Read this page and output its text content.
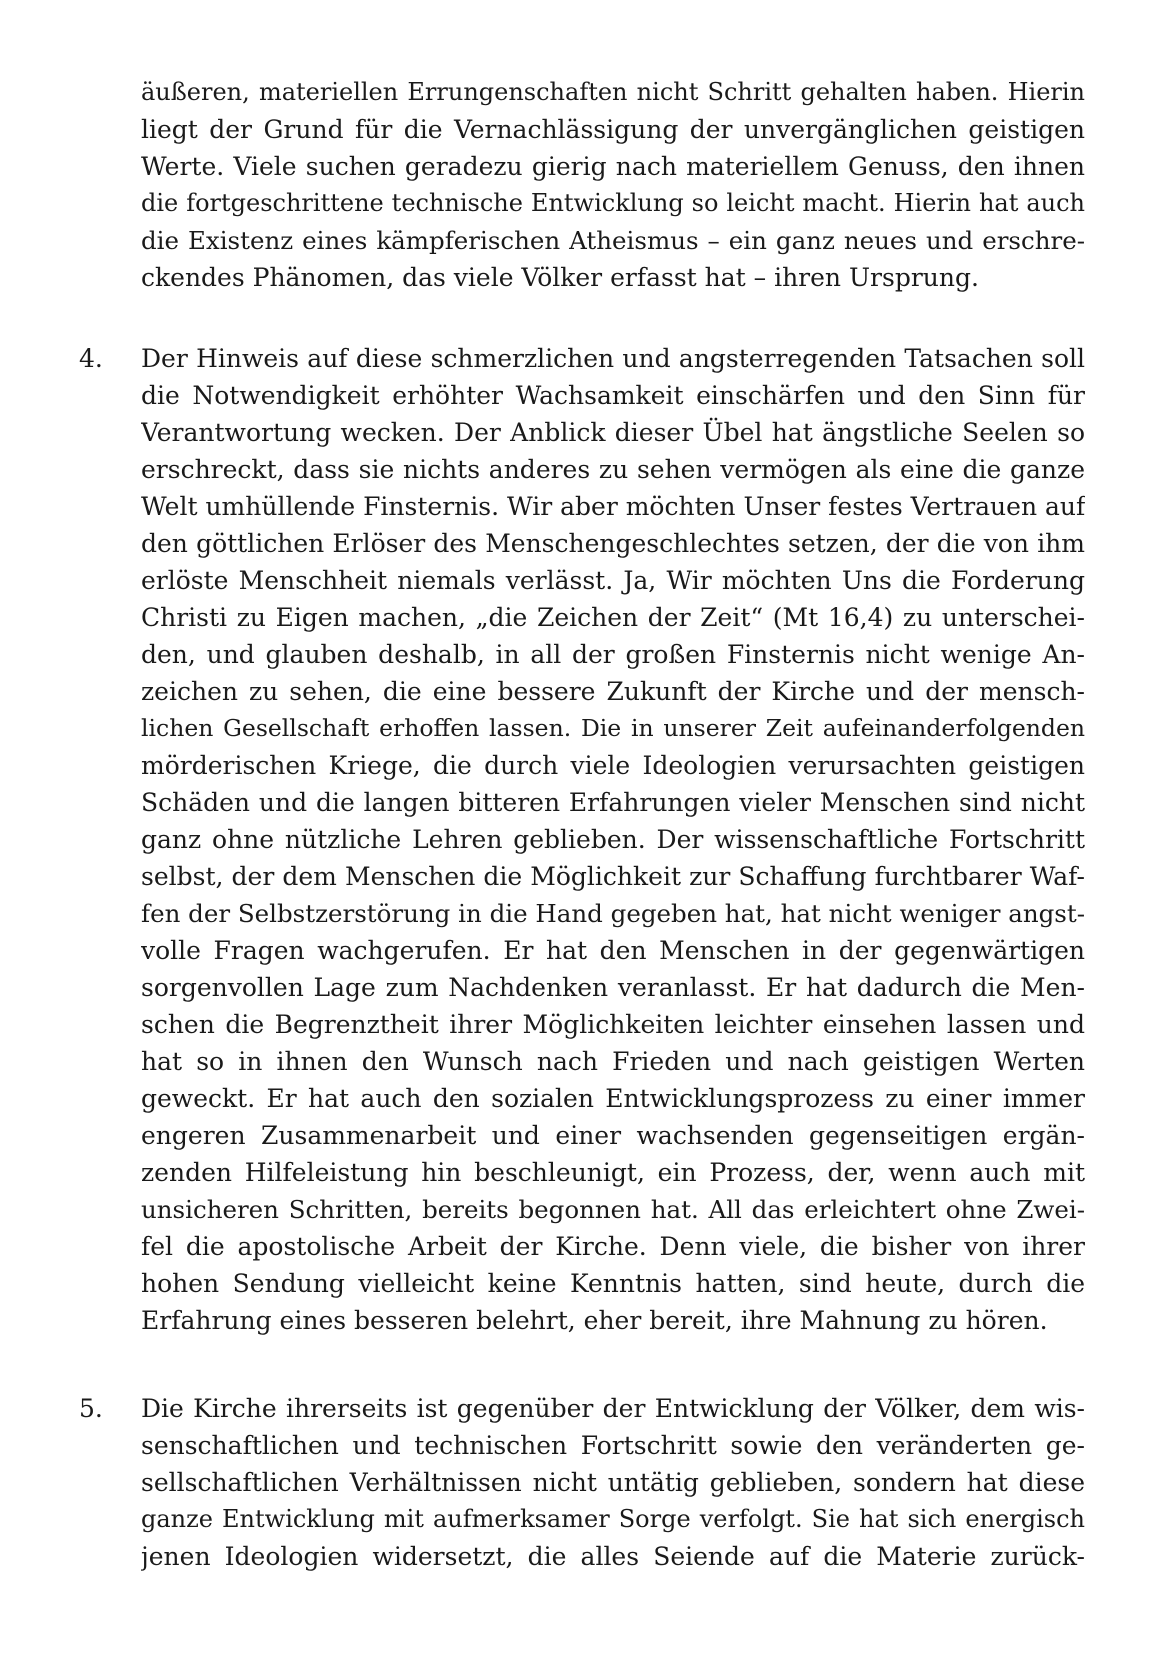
äußeren, materiellen Errungenschaften nicht Schritt gehalten haben. Hierin
liegt der Grund für die Vernachlässigung der unvergänglichen geistigen
Werte. Viele suchen geradezu gierig nach materiellem Genuss, den ihnen
die fortgeschrittene technische Entwicklung so leicht macht. Hierin hat auch
die Existenz eines kämpferischen Atheismus – ein ganz neues und erschre-
ckendes Phänomen, das viele Völker erfasst hat – ihren Ursprung.
4. Der Hinweis auf diese schmerzlichen und angsterregenden Tatsachen soll
die Notwendigkeit erhöhter Wachsamkeit einschärfen und den Sinn für
Verantwortung wecken. Der Anblick dieser Übel hat ängstliche Seelen so
erschreckt, dass sie nichts anderes zu sehen vermögen als eine die ganze
Welt umhüllende Finsternis. Wir aber möchten Unser festes Vertrauen auf
den göttlichen Erlöser des Menschengeschlechtes setzen, der die von ihm
erlöste Menschheit niemals verlässt. Ja, Wir möchten Uns die Forderung
Christi zu Eigen machen, „die Zeichen der Zeit“ (Mt 16,4) zu unterschei-
den, und glauben deshalb, in all der großen Finsternis nicht wenige An-
zeichen zu sehen, die eine bessere Zukunft der Kirche und der mensch-
lichen Gesellschaft erhoffen lassen. Die in unserer Zeit aufeinanderfolgenden
mörderischen Kriege, die durch viele Ideologien verursachten geistigen
Schäden und die langen bitteren Erfahrungen vieler Menschen sind nicht
ganz ohne nützliche Lehren geblieben. Der wissenschaftliche Fortschritt
selbst, der dem Menschen die Möglichkeit zur Schaffung furchtbarer Waf-
fen der Selbstzerstörung in die Hand gegeben hat, hat nicht weniger angst-
volle Fragen wachgerufen. Er hat den Menschen in der gegenwärtigen
sorgenvollen Lage zum Nachdenken veranlasst. Er hat dadurch die Men-
schen die Begrenztheit ihrer Möglichkeiten leichter einsehen lassen und
hat so in ihnen den Wunsch nach Frieden und nach geistigen Werten
geweckt. Er hat auch den sozialen Entwicklungsprozess zu einer immer
engeren Zusammenarbeit und einer wachsenden gegenseitigen ergän-
zenden Hilfeleistung hin beschleunigt, ein Prozess, der, wenn auch mit
unsicheren Schritten, bereits begonnen hat. All das erleichtert ohne Zwei-
fel die apostolische Arbeit der Kirche. Denn viele, die bisher von ihrer
hohen Sendung vielleicht keine Kenntnis hatten, sind heute, durch die
Erfahrung eines besseren belehrt, eher bereit, ihre Mahnung zu hören.
5. Die Kirche ihrerseits ist gegenüber der Entwicklung der Völker, dem wis-
senschaftlichen und technischen Fortschritt sowie den veränderten ge-
sellschaftlichen Verhältnissen nicht untätig geblieben, sondern hat diese
ganze Entwicklung mit aufmerksamer Sorge verfolgt. Sie hat sich energisch
jenen Ideologien widersetzt, die alles Seiende auf die Materie zurück-
